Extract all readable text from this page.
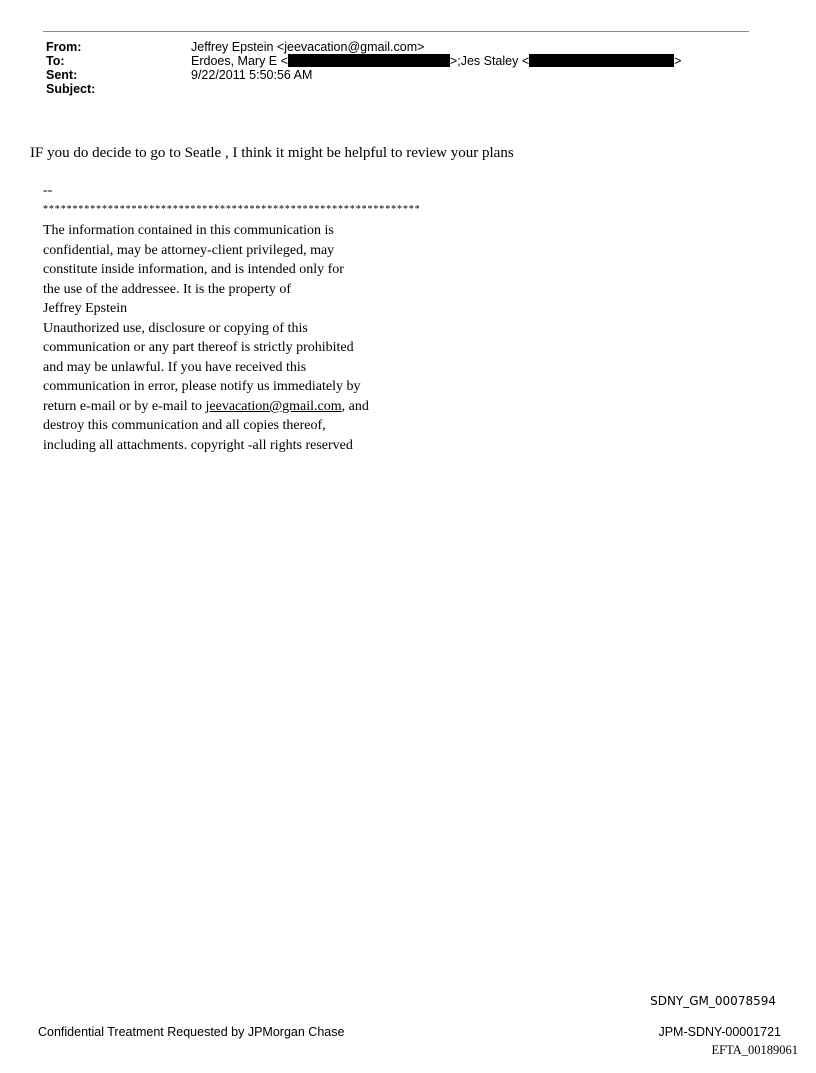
From:	Jeffrey Epstein <jeevacation@gmail.com>
To:	Erdoes, Mary E <	>;Jes Staley <	>
Sent:	9/22/2011 5:50:56 AM
Subject:
IF you do decide to go to Seatle , I think it might be helpful to review your plans
--
****************************************************************
The information contained in this communication is
confidential, may be attorney-client privileged, may
constitute inside information, and is intended only for
the use of the addressee. It is the property of
Jeffrey Epstein
Unauthorized use, disclosure or copying of this
communication or any part thereof is strictly prohibited
and may be unlawful. If you have received this
communication in error, please notify us immediately by
return e-mail or by e-mail to jeevacation@gmail.com, and
destroy this communication and all copies thereof,
including all attachments. copyright -all rights reserved
SDNY_GM_00078594
Confidential Treatment Requested by JPMorgan Chase	JPM-SDNY-00001721
EFTA_00189061
